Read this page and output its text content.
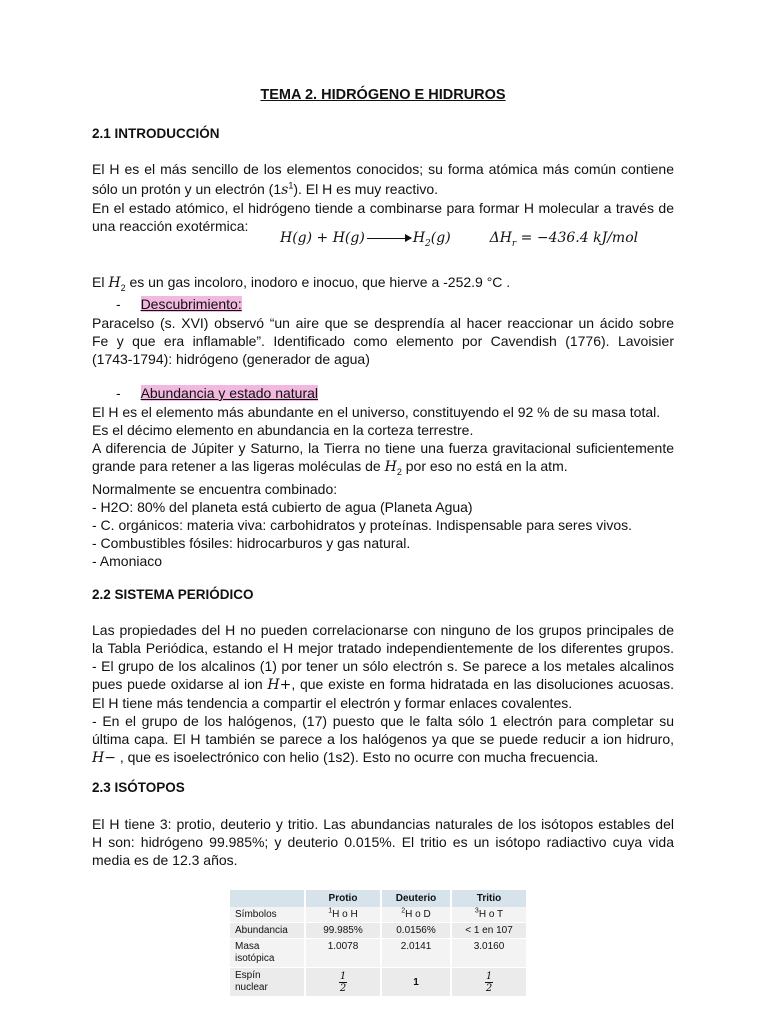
TEMA 2. HIDRÓGENO E HIDRUROS
2.1 INTRODUCCIÓN
El H es el más sencillo de los elementos conocidos; su forma atómica más común contiene
sólo un protón y un electrón $(1s^1)$. El H es muy reactivo.
En el estado atómico, el hidrógeno tiende a combinarse para formar H molecular a través de
una reacción exotérmica:
$H(g) + H(g) \to H_2(g)$	$\Delta H_r = -436.4$ kJ/mol
El $H_2$ es un gas incoloro, inodoro e inocuo, que hierve a -252.9 °C .
- Descubrimiento:
Paracelso (s. XVI) observó “un aire que se desprendía al hacer reaccionar un ácido sobre
Fe y que era inflamable”. Identificado como elemento por Cavendish (1776). Lavoisier
(1743-1794): hidrógeno (generador de agua)
- Abundancia y estado natural
El H es el elemento más abundante en el universo, constituyendo el 92 % de su masa total.
Es el décimo elemento en abundancia en la corteza terrestre.
A diferencia de Júpiter y Saturno, la Tierra no tiene una fuerza gravitacional suficientemente
grande para retener a las ligeras moléculas de $H_2$ por eso no está en la atm.
Normalmente se encuentra combinado:
- H2O: 80% del planeta está cubierto de agua (Planeta Agua)
- C. orgánicos: materia viva: carbohidratos y proteínas. Indispensable para seres vivos.
- Combustibles fósiles: hidrocarburos y gas natural.
- Amoniaco
2.2 SISTEMA PERIÓDICO
Las propiedades del H no pueden correlacionarse con ninguno de los grupos principales de
la Tabla Periódica, estando el H mejor tratado independientemente de los diferentes grupos.
- El grupo de los alcalinos (1) por tener un sólo electrón s. Se parece a los metales alcalinos
pues puede oxidarse al ion H+, que existe en forma hidratada en las disoluciones acuosas.
El H tiene más tendencia a compartir el electrón y formar enlaces covalentes.
- En el grupo de los halógenos, (17) puesto que le falta sólo 1 electrón para completar su
última capa. El H también se parece a los halógenos ya que se puede reducir a ion hidruro,
H− , que es isoelectrónico con helio (1s2). Esto no ocurre con mucha frecuencia.
2.3 ISÓTOPOS
El H tiene 3: protio, deuterio y tritio. Las abundancias naturales de los isótopos estables del
H son: hidrógeno 99.985%; y deuterio 0.015%. El tritio es un isótopo radiactivo cuya vida
media es de 12.3 años.
	Protio	Deuterio	Tritio
Símbolos	$^1$H o H	$^2$H o D	$^3$H o T
Abundancia	99.985%	0.0156%	< 1 en 107
Masa
isotópica	1.0078	2.0141	3.0160
Espín
nuclear	$\frac{1}{2}$	1	$\frac{1}{2}$
